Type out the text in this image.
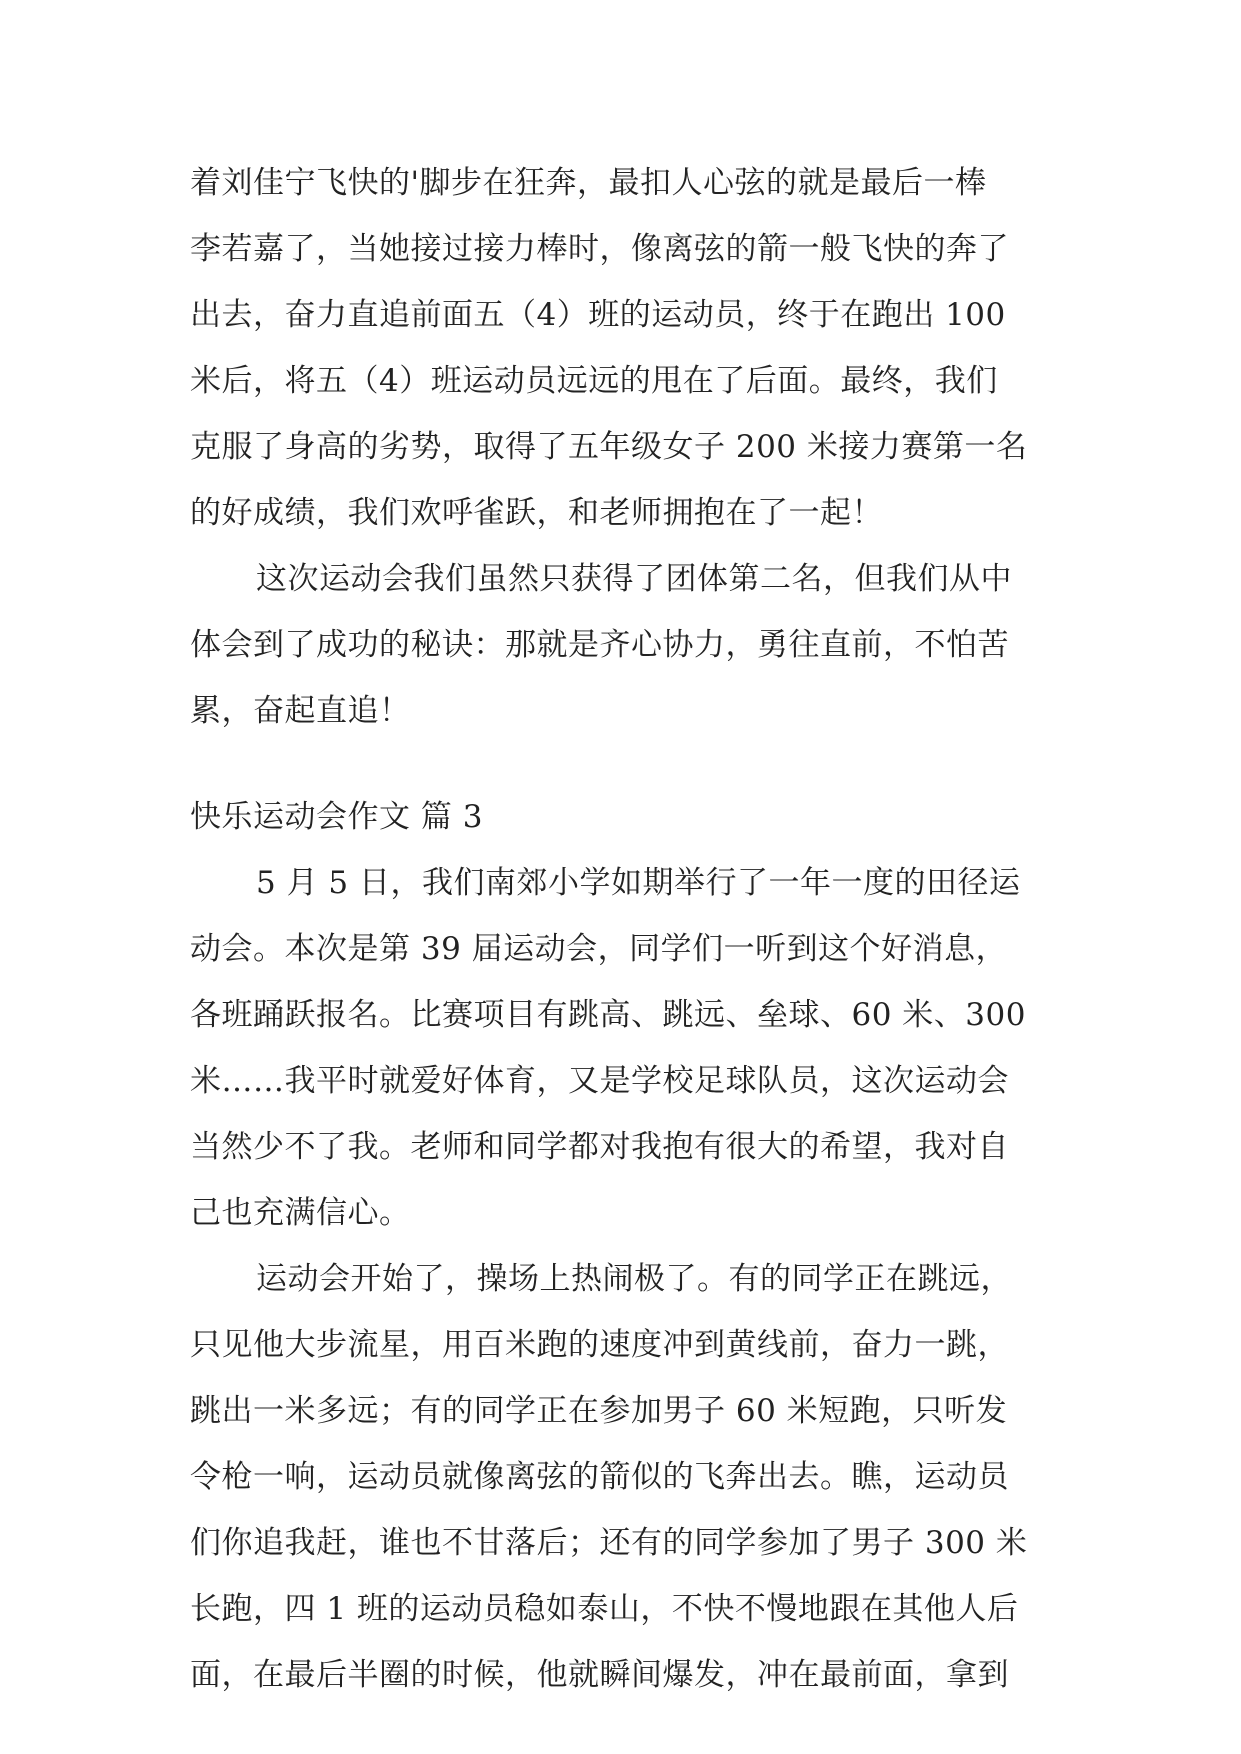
着刘佳宁飞快的'脚步在狂奔，最扣人心弦的就是最后一棒
李若嘉了，当她接过接力棒时，像离弦的箭一般飞快的奔了
出去，奋力直追前面五（4）班的运动员，终于在跑出 100
米后，将五（4）班运动员远远的甩在了后面。最终，我们
克服了身高的劣势，取得了五年级女子 200 米接力赛第一名
的好成绩，我们欢呼雀跃，和老师拥抱在了一起！
这次运动会我们虽然只获得了团体第二名，但我们从中
体会到了成功的秘诀：那就是齐心协力，勇往直前，不怕苦
累，奋起直追！
快乐运动会作文 篇 3
5 月 5 日，我们南郊小学如期举行了一年一度的田径运
动会。本次是第 39 届运动会，同学们一听到这个好消息，
各班踊跃报名。比赛项目有跳高、跳远、垒球、60 米、300
米……我平时就爱好体育，又是学校足球队员，这次运动会
当然少不了我。老师和同学都对我抱有很大的希望，我对自
己也充满信心。
运动会开始了，操场上热闹极了。有的同学正在跳远，
只见他大步流星，用百米跑的速度冲到黄线前，奋力一跳，
跳出一米多远；有的同学正在参加男子 60 米短跑，只听发
令枪一响，运动员就像离弦的箭似的飞奔出去。瞧，运动员
们你追我赶，谁也不甘落后；还有的同学参加了男子 300 米
长跑，四 1 班的运动员稳如泰山，不快不慢地跟在其他人后
面，在最后半圈的时候，他就瞬间爆发，冲在最前面，拿到
